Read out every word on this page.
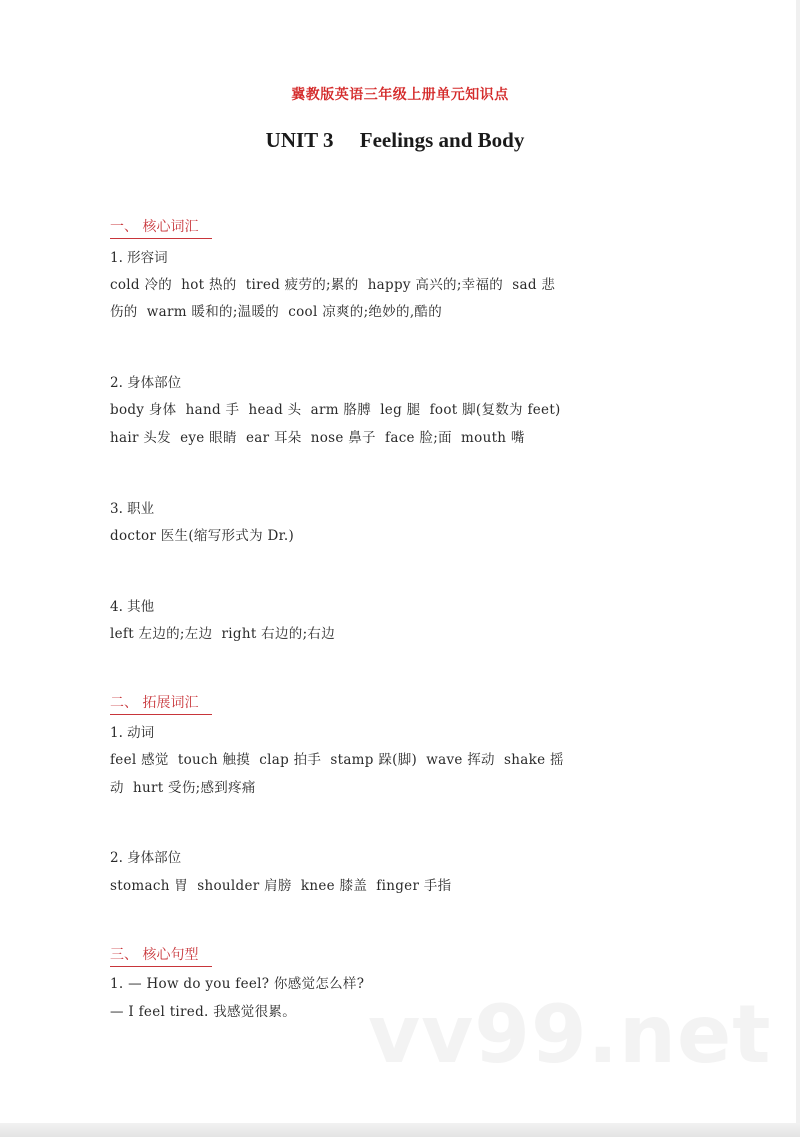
冀教版英语三年级上册单元知识点
UNIT 3　 Feelings and Body
一、 核心词汇
1. 形容词
cold 冷的  hot 热的  tired 疲劳的;累的  happy 高兴的;幸福的  sad 悲
伤的  warm 暖和的;温暖的  cool 凉爽的;绝妙的,酷的
2. 身体部位
body 身体  hand 手  head 头  arm 胳膊  leg 腿  foot 脚(复数为 feet)
hair 头发  eye 眼睛  ear 耳朵  nose 鼻子  face 脸;面  mouth 嘴
3. 职业
doctor 医生(缩写形式为 Dr.)
4. 其他
left 左边的;左边  right 右边的;右边
二、 拓展词汇
1. 动词
feel 感觉  touch 触摸  clap 拍手  stamp 跺(脚)  wave 挥动  shake 摇
动  hurt 受伤;感到疼痛
2. 身体部位
stomach 胃  shoulder 肩膀  knee 膝盖  finger 手指
三、 核心句型
1. — How do you feel? 你感觉怎么样?
— I feel tired. 我感觉很累。 vv99.net
